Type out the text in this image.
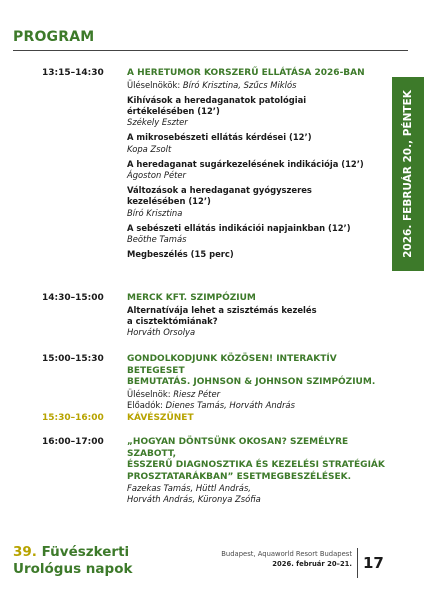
PROGRAM
2026. FEBRUÁR 20., PÉNTEK
13:15–14:30	A HERETUMOR KORSZERŰ ELLÁTÁSA 2026-BAN
Üléselnökök: Bíró Krisztina, Szűcs Miklós
Kihívások a heredaganatok patológiai
értékelésében (12’)
Székely Eszter
A mikrosebészeti ellátás kérdései (12’)
Kopa Zsolt
A heredaganat sugárkezelésének indikációja (12’)
Ágoston Péter
Változások a heredaganat gyógyszeres
kezelésében (12’)
Bíró Krisztina
A sebészeti ellátás indikációi napjainkban (12’)
Beöthe Tamás
Megbeszélés (15 perc)
14:30–15:00	MERCK KFT. SZIMPÓZIUM
Alternatívája lehet a szisztémás kezelés
a cisztektómiának?
Horváth Orsolya
15:00–15:30	GONDOLKODJUNK KÖZÖSEN! INTERAKTÍV BETEGESET
BEMUTATÁS. JOHNSON & JOHNSON SZIMPÓZIUM.
Üléselnök: Riesz Péter
Előadók: Dienes Tamás, Horváth András
15:30–16:00	KÁVÉSZÜNET
16:00–17:00	„HOGYAN DÖNTSÜNK OKOSAN? SZEMÉLYRE SZABOTT,
ÉSSZERŰ DIAGNOSZTIKA ÉS KEZELÉSI STRATÉGIÁK
PROSZTATARÁKBAN” ESETMEGBESZÉLÉSEK.
Fazekas Tamás, Hüttl András,
Horváth András, Küronya Zsófia
39. Füvészkerti
Urológus napok
Budapest, Aquaworld Resort Budapest
2026. február 20–21. 17
